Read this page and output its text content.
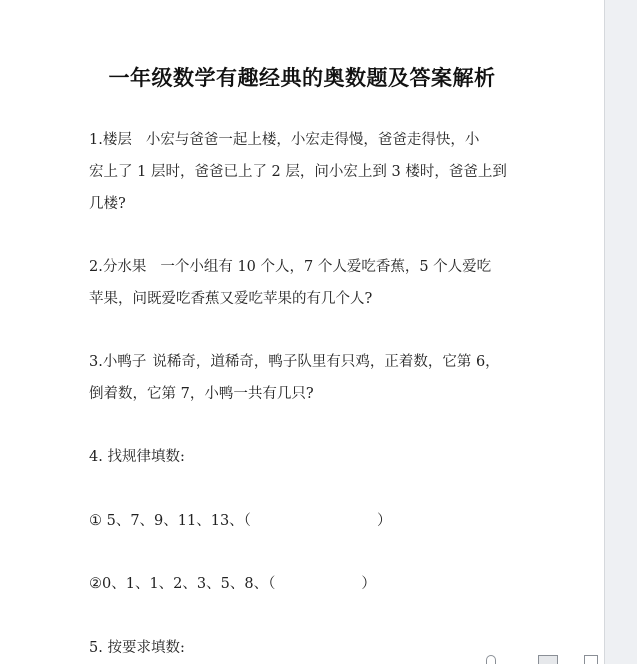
一年级数学有趣经典的奥数题及答案解析
1.楼层 小宏与爸爸一起上楼，小宏走得慢，爸爸走得快，小
宏上了 1 层时，爸爸已上了 2 层，问小宏上到 3 楼时，爸爸上到
几楼?
2.分水果 一个小组有 10 个人，7 个人爱吃香蕉，5 个人爱吃
苹果，问既爱吃香蕉又爱吃苹果的有几个人?
3.小鸭子 说稀奇，道稀奇，鸭子队里有只鸡，正着数，它第 6，
倒着数，它第 7，小鸭一共有几只?
4. 找规律填数:
① 5、7、9、11、13、（	）
②0、1、1、2、3、5、8、（	）
5. 按要求填数:
